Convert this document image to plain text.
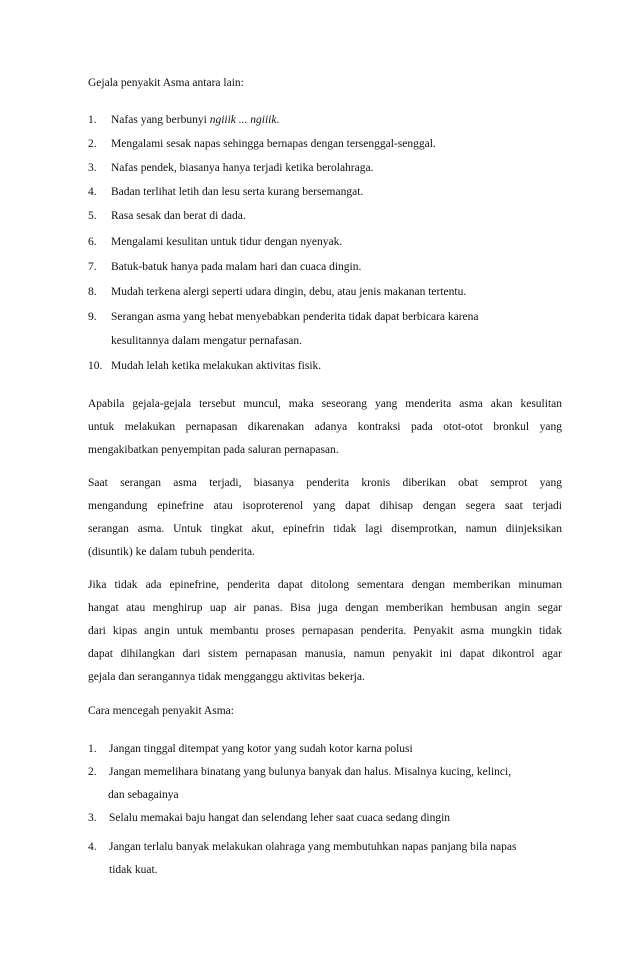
Gejala penyakit Asma antara lain:
1. Nafas yang berbunyi ngiiik ... ngiiik.
2. Mengalami sesak napas sehingga bernapas dengan tersenggal-senggal.
3. Nafas pendek, biasanya hanya terjadi ketika berolahraga.
4. Badan terlihat letih dan lesu serta kurang bersemangat.
5. Rasa sesak dan berat di dada.
6. Mengalami kesulitan untuk tidur dengan nyenyak.
7. Batuk-batuk hanya pada malam hari dan cuaca dingin.
8. Mudah terkena alergi seperti udara dingin, debu, atau jenis makanan tertentu.
9. Serangan asma yang hebat menyebabkan penderita tidak dapat berbicara karena
kesulitannya dalam mengatur pernafasan.
10. Mudah lelah ketika melakukan aktivitas fisik.
Apabila gejala-gejala tersebut muncul, maka seseorang yang menderita asma akan kesulitan
untuk melakukan pernapasan dikarenakan adanya kontraksi pada otot-otot bronkul yang
mengakibatkan penyempitan pada saluran pernapasan.
Saat serangan asma terjadi, biasanya penderita kronis diberikan obat semprot yang
mengandung epinefrine atau isoproterenol yang dapat dihisap dengan segera saat terjadi
serangan asma. Untuk tingkat akut, epinefrin tidak lagi disemprotkan, namun diinjeksikan
(disuntik) ke dalam tubuh penderita.
Jika tidak ada epinefrine, penderita dapat ditolong sementara dengan memberikan minuman
hangat atau menghirup uap air panas. Bisa juga dengan memberikan hembusan angin segar
dari kipas angin untuk membantu proses pernapasan penderita. Penyakit asma mungkin tidak
dapat dihilangkan dari sistem pernapasan manusia, namun penyakit ini dapat dikontrol agar
gejala dan serangannya tidak mengganggu aktivitas bekerja.
Cara mencegah penyakit Asma:
1. Jangan tinggal ditempat yang kotor yang sudah kotor karna polusi
2. Jangan memelihara binatang yang bulunya banyak dan halus. Misalnya kucing, kelinci,
dan sebagainya
3. Selalu memakai baju hangat dan selendang leher saat cuaca sedang dingin
4. Jangan terlalu banyak melakukan olahraga yang membutuhkan napas panjang bila napas
tidak kuat.
